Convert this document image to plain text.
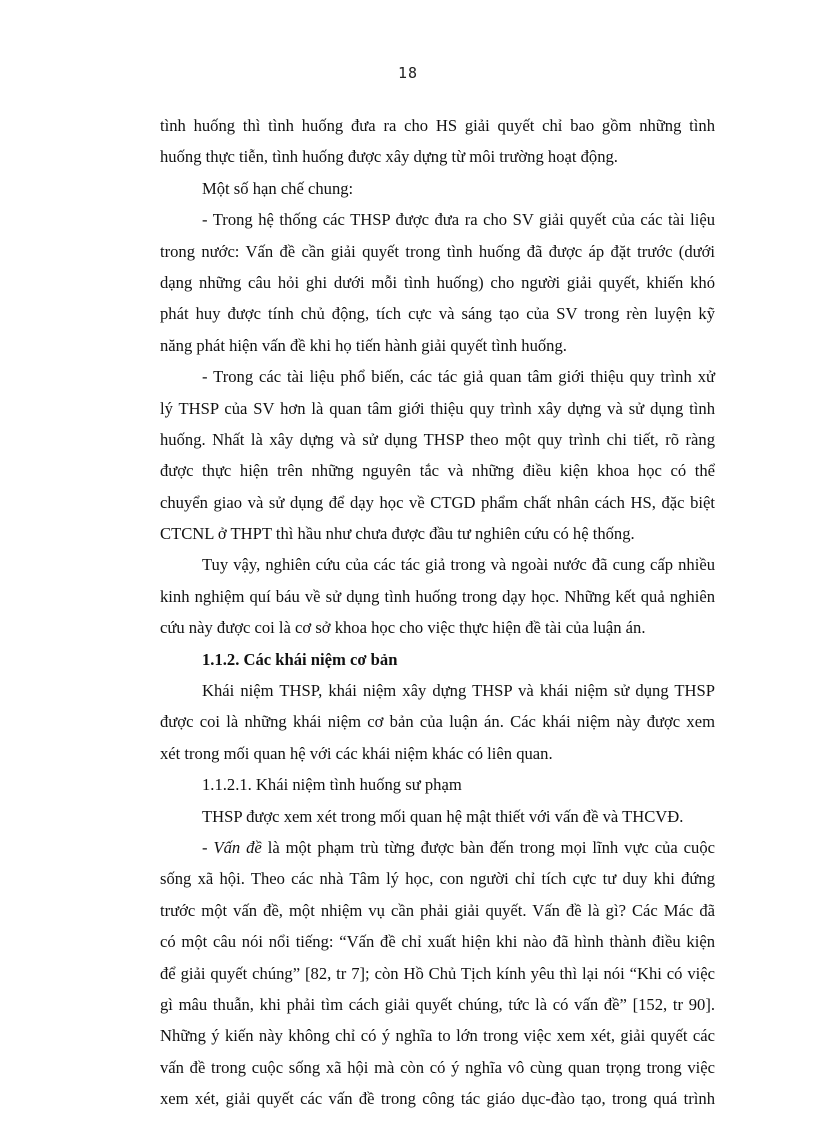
18
tình huống thì tình huống đưa ra cho HS giải quyết chỉ bao gồm những tình
huống thực tiễn, tình huống được xây dựng từ môi trường hoạt động.
Một số hạn chế chung:
- Trong hệ thống các THSP được đưa ra cho SV giải quyết của các tài liệu
trong nước: Vấn đề cần giải quyết trong tình huống đã được áp đặt trước (dưới
dạng những câu hỏi ghi dưới mỗi tình huống) cho người giải quyết, khiến khó
phát huy được tính chủ động, tích cực và sáng tạo của SV trong rèn luyện kỹ
năng phát hiện vấn đề khi họ tiến hành giải quyết tình huống.
- Trong các tài liệu phổ biến, các tác giả quan tâm giới thiệu quy trình xử
lý THSP của SV hơn là quan tâm giới thiệu quy trình xây dựng và sử dụng tình
huống. Nhất là xây dựng và sử dụng THSP theo một quy trình chi tiết, rõ ràng
được thực hiện trên những nguyên tắc và những điều kiện khoa học có thể
chuyển giao và sử dụng để dạy học về CTGD phẩm chất nhân cách HS, đặc biệt
CTCNL ở THPT thì hầu như chưa được đầu tư nghiên cứu có hệ thống.
Tuy vậy, nghiên cứu của các tác giả trong và ngoài nước đã cung cấp nhiều
kinh nghiệm quí báu về sử dụng tình huống trong dạy học. Những kết quả nghiên
cứu này được coi là cơ sở khoa học cho việc thực hiện đề tài của luận án.
1.1.2. Các khái niệm cơ bản
Khái niệm THSP, khái niệm xây dựng THSP và khái niệm sử dụng THSP
được coi là những khái niệm cơ bản của luận án. Các khái niệm này được xem
xét trong mối quan hệ với các khái niệm khác có liên quan.
1.1.2.1. Khái niệm tình huống sư phạm
THSP được xem xét trong mối quan hệ mật thiết với vấn đề và THCVĐ.
- Vấn đề là một phạm trù từng được bàn đến trong mọi lĩnh vực của cuộc
sống xã hội. Theo các nhà Tâm lý học, con người chỉ tích cực tư duy khi đứng
trước một vấn đề, một nhiệm vụ cần phải giải quyết. Vấn đề là gì? Các Mác đã
có một câu nói nổi tiếng: “Vấn đề chỉ xuất hiện khi nào đã hình thành điều kiện
để giải quyết chúng” [82, tr 7]; còn Hồ Chủ Tịch kính yêu thì lại nói “Khi có việc
gì mâu thuẫn, khi phải tìm cách giải quyết chúng, tức là có vấn đề” [152, tr 90].
Những ý kiến này không chỉ có ý nghĩa to lớn trong việc xem xét, giải quyết các
vấn đề trong cuộc sống xã hội mà còn có ý nghĩa vô cùng quan trọng trong việc
xem xét, giải quyết các vấn đề trong công tác giáo dục-đào tạo, trong quá trình
